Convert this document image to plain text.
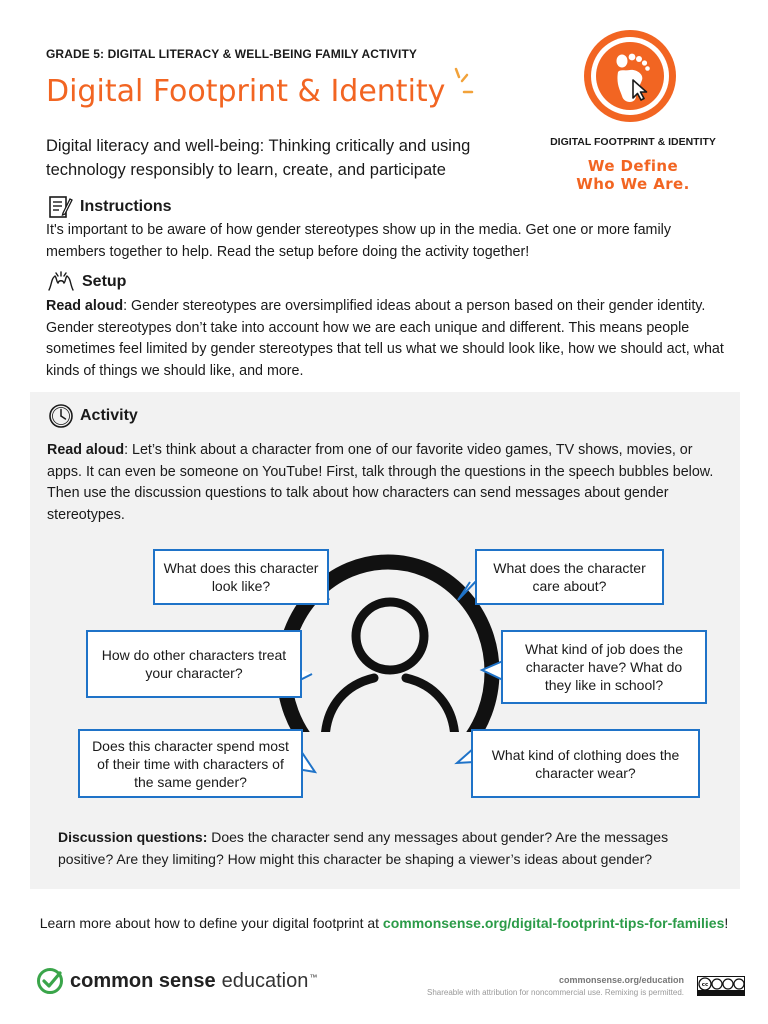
GRADE 5: DIGITAL LITERACY & WELL-BEING FAMILY ACTIVITY
Digital Footprint & Identity
Digital literacy and well-being: Thinking critically and using technology responsibly to learn, create, and participate
DIGITAL FOOTPRINT & IDENTITY
We Define
Who We Are.
Instructions
It's important to be aware of how gender stereotypes show up in the media. Get one or more family members together to help. Read the setup before doing the activity together!
Setup
Read aloud: Gender stereotypes are oversimplified ideas about a person based on their gender identity. Gender stereotypes don’t take into account how we are each unique and different. This means people sometimes feel limited by gender stereotypes that tell us what we should look like, how we should act, what kinds of things we should like, and more.
Activity
Read aloud: Let’s think about a character from one of our favorite video games, TV shows, movies, or apps. It can even be someone on YouTube! First, talk through the questions in the speech bubbles below. Then use the discussion questions to talk about how characters can send messages about gender stereotypes.
What does this character look like?
What does the character care about?
How do other characters treat your character?
What kind of job does the character have? What do they like in school?
Does this character spend most of their time with characters of the same gender?
What kind of clothing does the character wear?
Discussion questions: Does the character send any messages about gender? Are the messages positive? Are they limiting? How might this character be shaping a viewer’s ideas about gender?
Learn more about how to define your digital footprint at commonsense.org/digital-footprint-tips-for-families!
common sense education ™	commonsense.org/education
Shareable with attribution for noncommercial use. Remixing is permitted.
cc
